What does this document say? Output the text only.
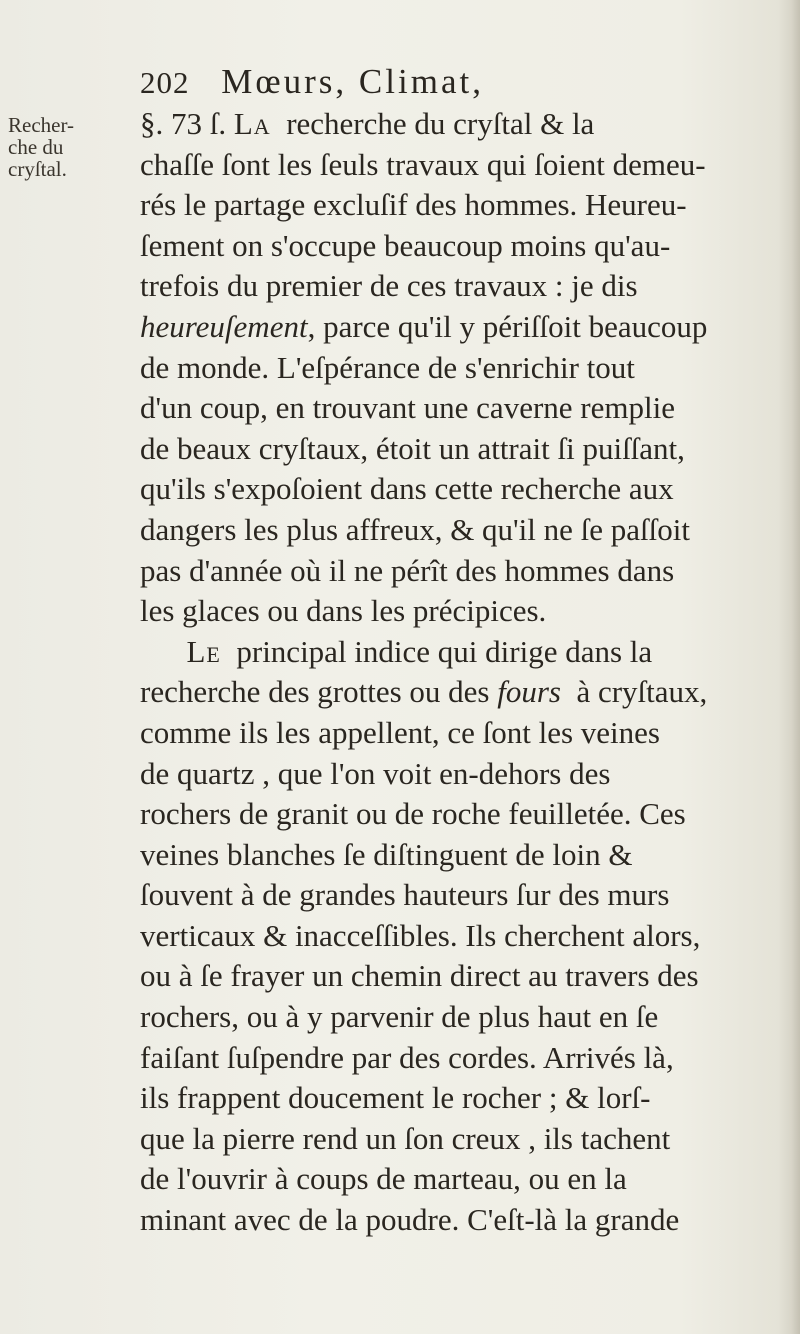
202 Mœurs, Climat,
Recher-
che du
cryſtal.
§. 73 ſ. La  recherche du cryſtal & la
chaſſe ſont les ſeuls travaux qui ſoient demeu-
rés le partage excluſif des hommes. Heureu-
ſement on s'occupe beaucoup moins qu'au-
trefois du premier de ces travaux : je dis
heureuſement, parce qu'il y périſſoit beaucoup
de monde. L'eſpérance de s'enrichir tout
d'un coup, en trouvant une caverne remplie
de beaux cryſtaux, étoit un attrait ſi puiſſant,
qu'ils s'expoſoient dans cette recherche aux
dangers les plus affreux, & qu'il ne ſe paſſoit
pas d'année où il ne pérît des hommes dans
les glaces ou dans les précipices.
Le  principal indice qui dirige dans la
recherche des grottes ou des fours  à cryſtaux,
comme ils les appellent, ce ſont les veines
de quartz , que l'on voit en-dehors des
rochers de granit ou de roche feuilletée. Ces
veines blanches ſe diſtinguent de loin &
ſouvent à de grandes hauteurs ſur des murs
verticaux & inacceſſibles. Ils cherchent alors,
ou à ſe frayer un chemin direct au travers des
rochers, ou à y parvenir de plus haut en ſe
faiſant ſuſpendre par des cordes. Arrivés là,
ils frappent doucement le rocher ; & lorſ-
que la pierre rend un ſon creux , ils tachent
de l'ouvrir à coups de marteau, ou en la
minant avec de la poudre. C'eſt-là la grande
